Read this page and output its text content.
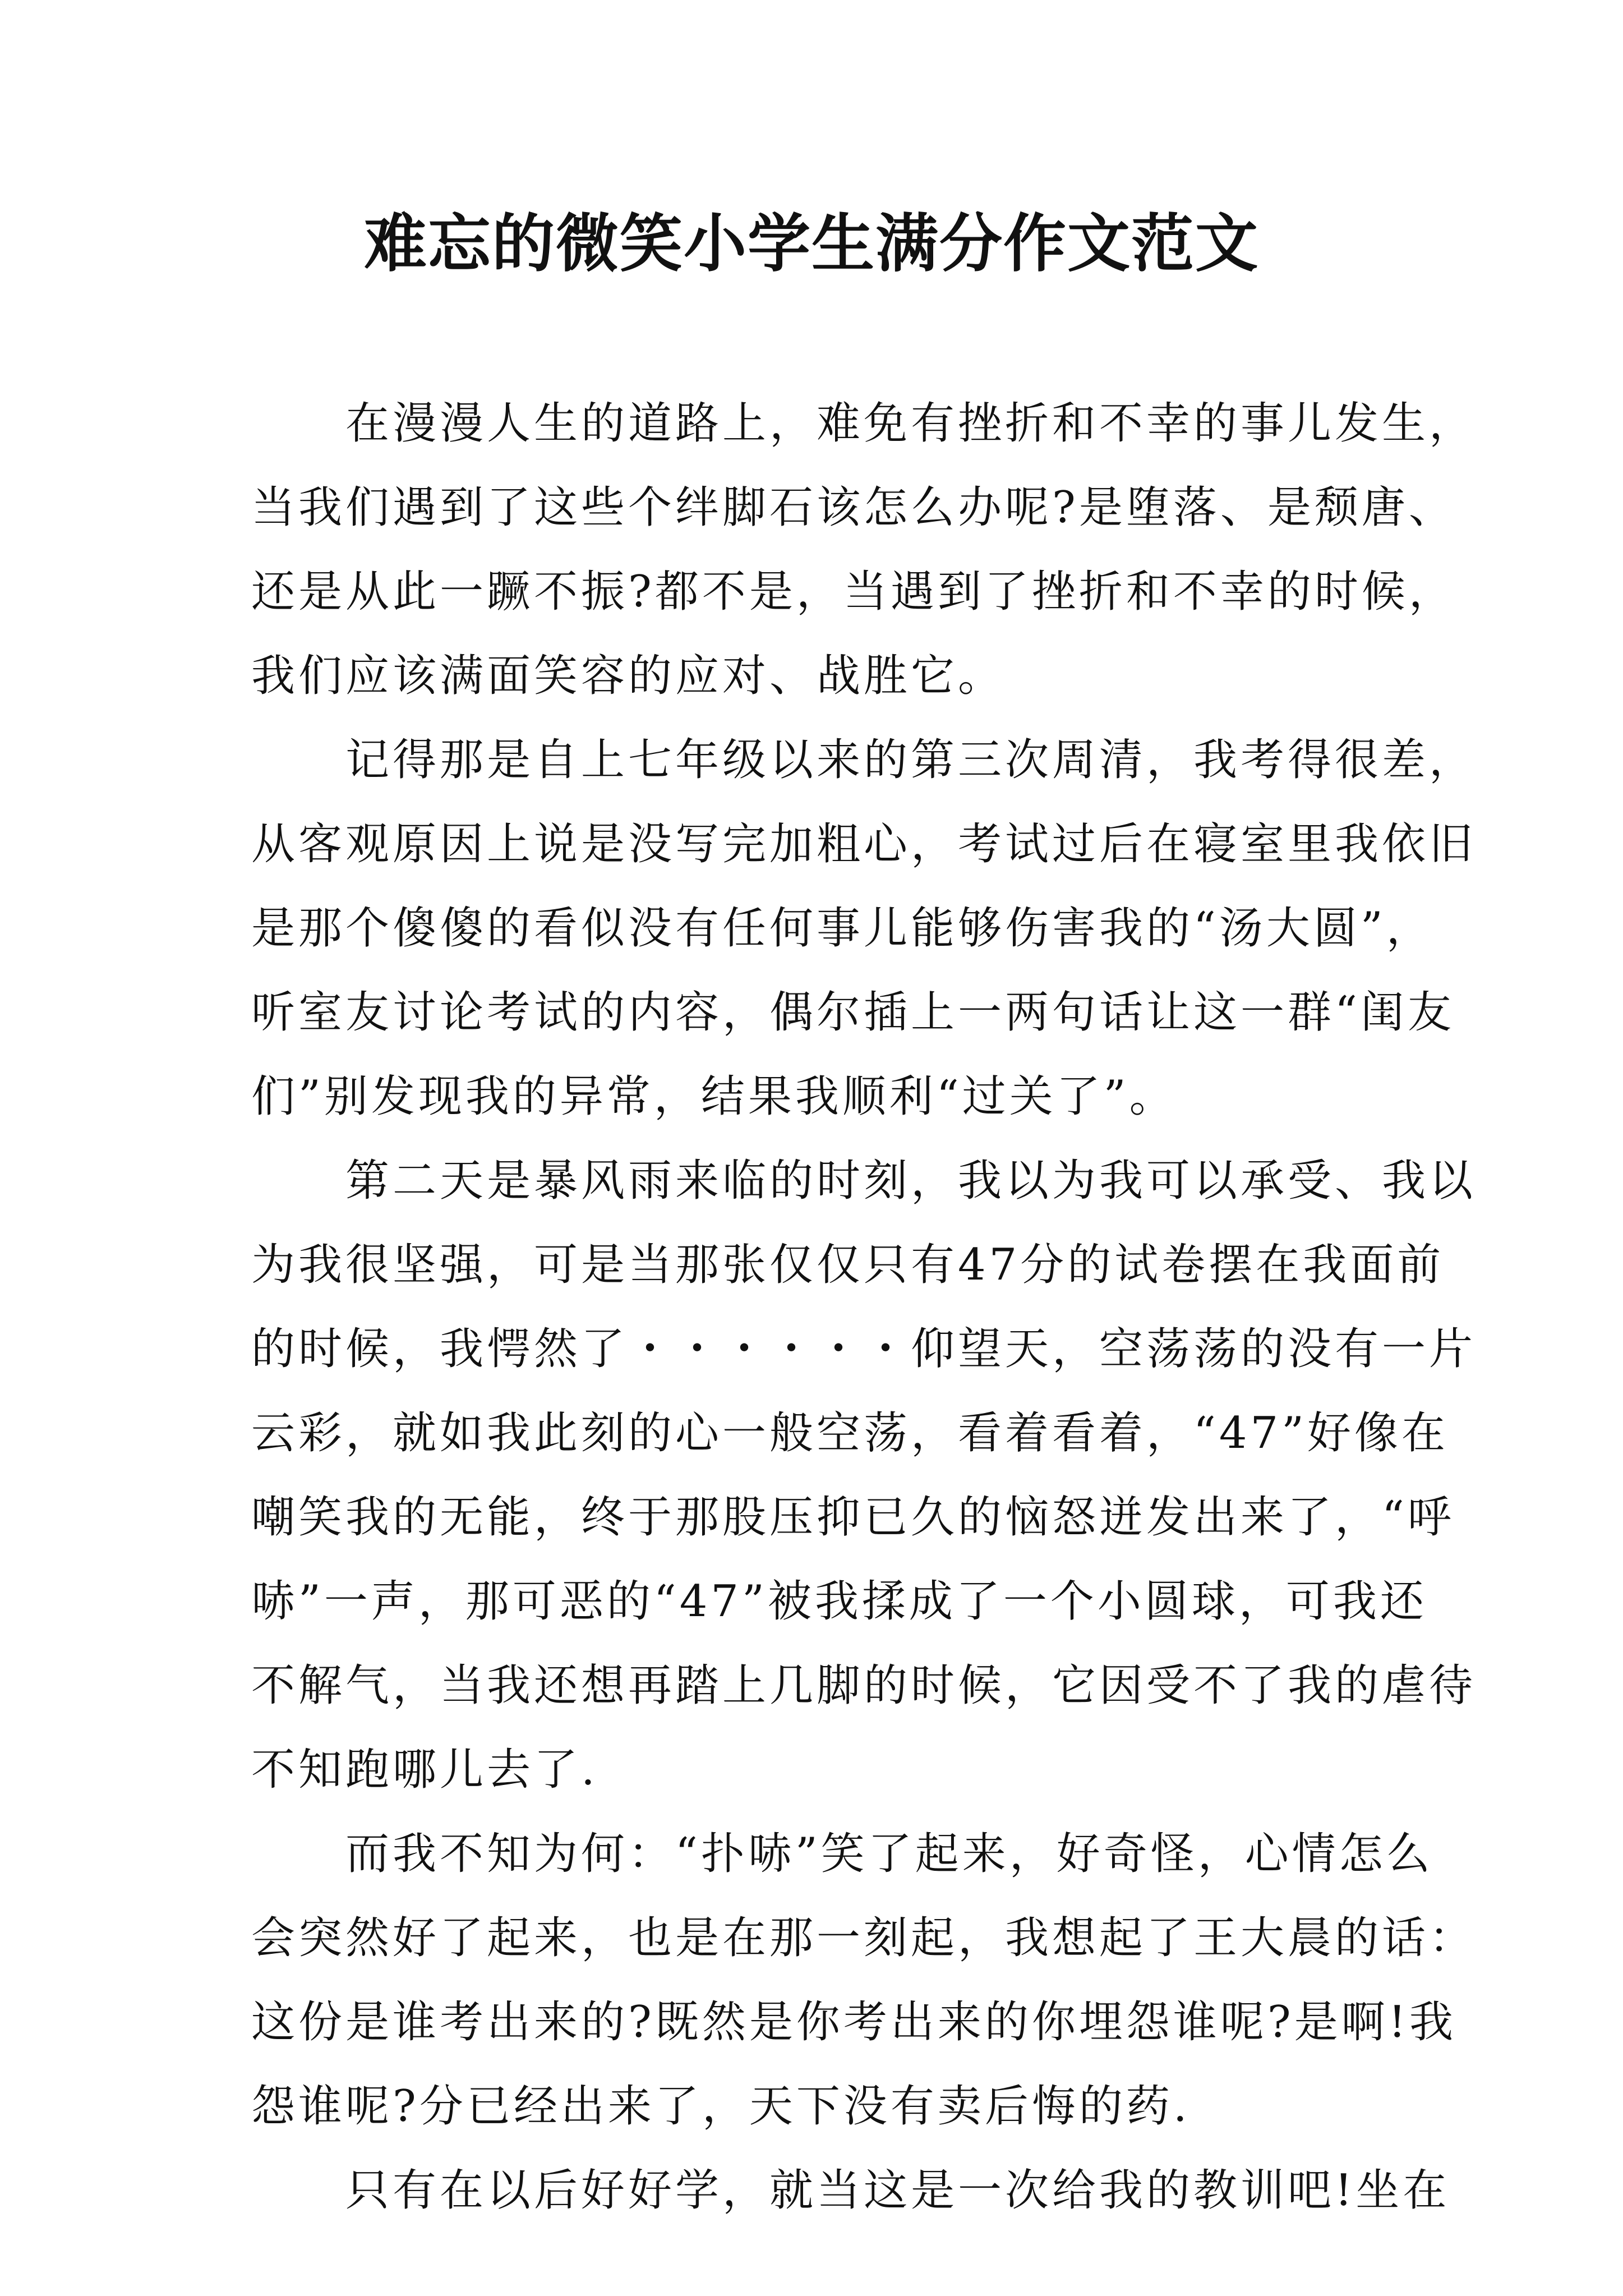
难忘的微笑小学生满分作文范文
　　在漫漫人生的道路上，难免有挫折和不幸的事儿发生，
当我们遇到了这些个绊脚石该怎么办呢?是堕落、是颓唐、
还是从此一蹶不振?都不是，当遇到了挫折和不幸的时候，
我们应该满面笑容的应对、战胜它。
　　记得那是自上七年级以来的第三次周清，我考得很差，
从客观原因上说是没写完加粗心，考试过后在寝室里我依旧
是那个傻傻的看似没有任何事儿能够伤害我的“汤大圆”，
听室友讨论考试的内容，偶尔插上一两句话让这一群“闺友
们”别发现我的异常，结果我顺利“过关了”。
　　第二天是暴风雨来临的时刻，我以为我可以承受、我以
为我很坚强，可是当那张仅仅只有47分的试卷摆在我面前
的时候，我愕然了・・・・・・仰望天，空荡荡的没有一片
云彩，就如我此刻的心一般空荡，看着看着，“47”好像在
嘲笑我的无能，终于那股压抑已久的恼怒迸发出来了，“呼
哧”一声，那可恶的“47”被我揉成了一个小圆球，可我还
不解气，当我还想再踏上几脚的时候，它因受不了我的虐待
不知跑哪儿去了.
　　而我不知为何：“扑哧”笑了起来，好奇怪，心情怎么
会突然好了起来，也是在那一刻起，我想起了王大晨的话：
这份是谁考出来的?既然是你考出来的你埋怨谁呢?是啊!我
怨谁呢?分已经出来了，天下没有卖后悔的药.
　　只有在以后好好学，就当这是一次给我的教训吧!坐在
